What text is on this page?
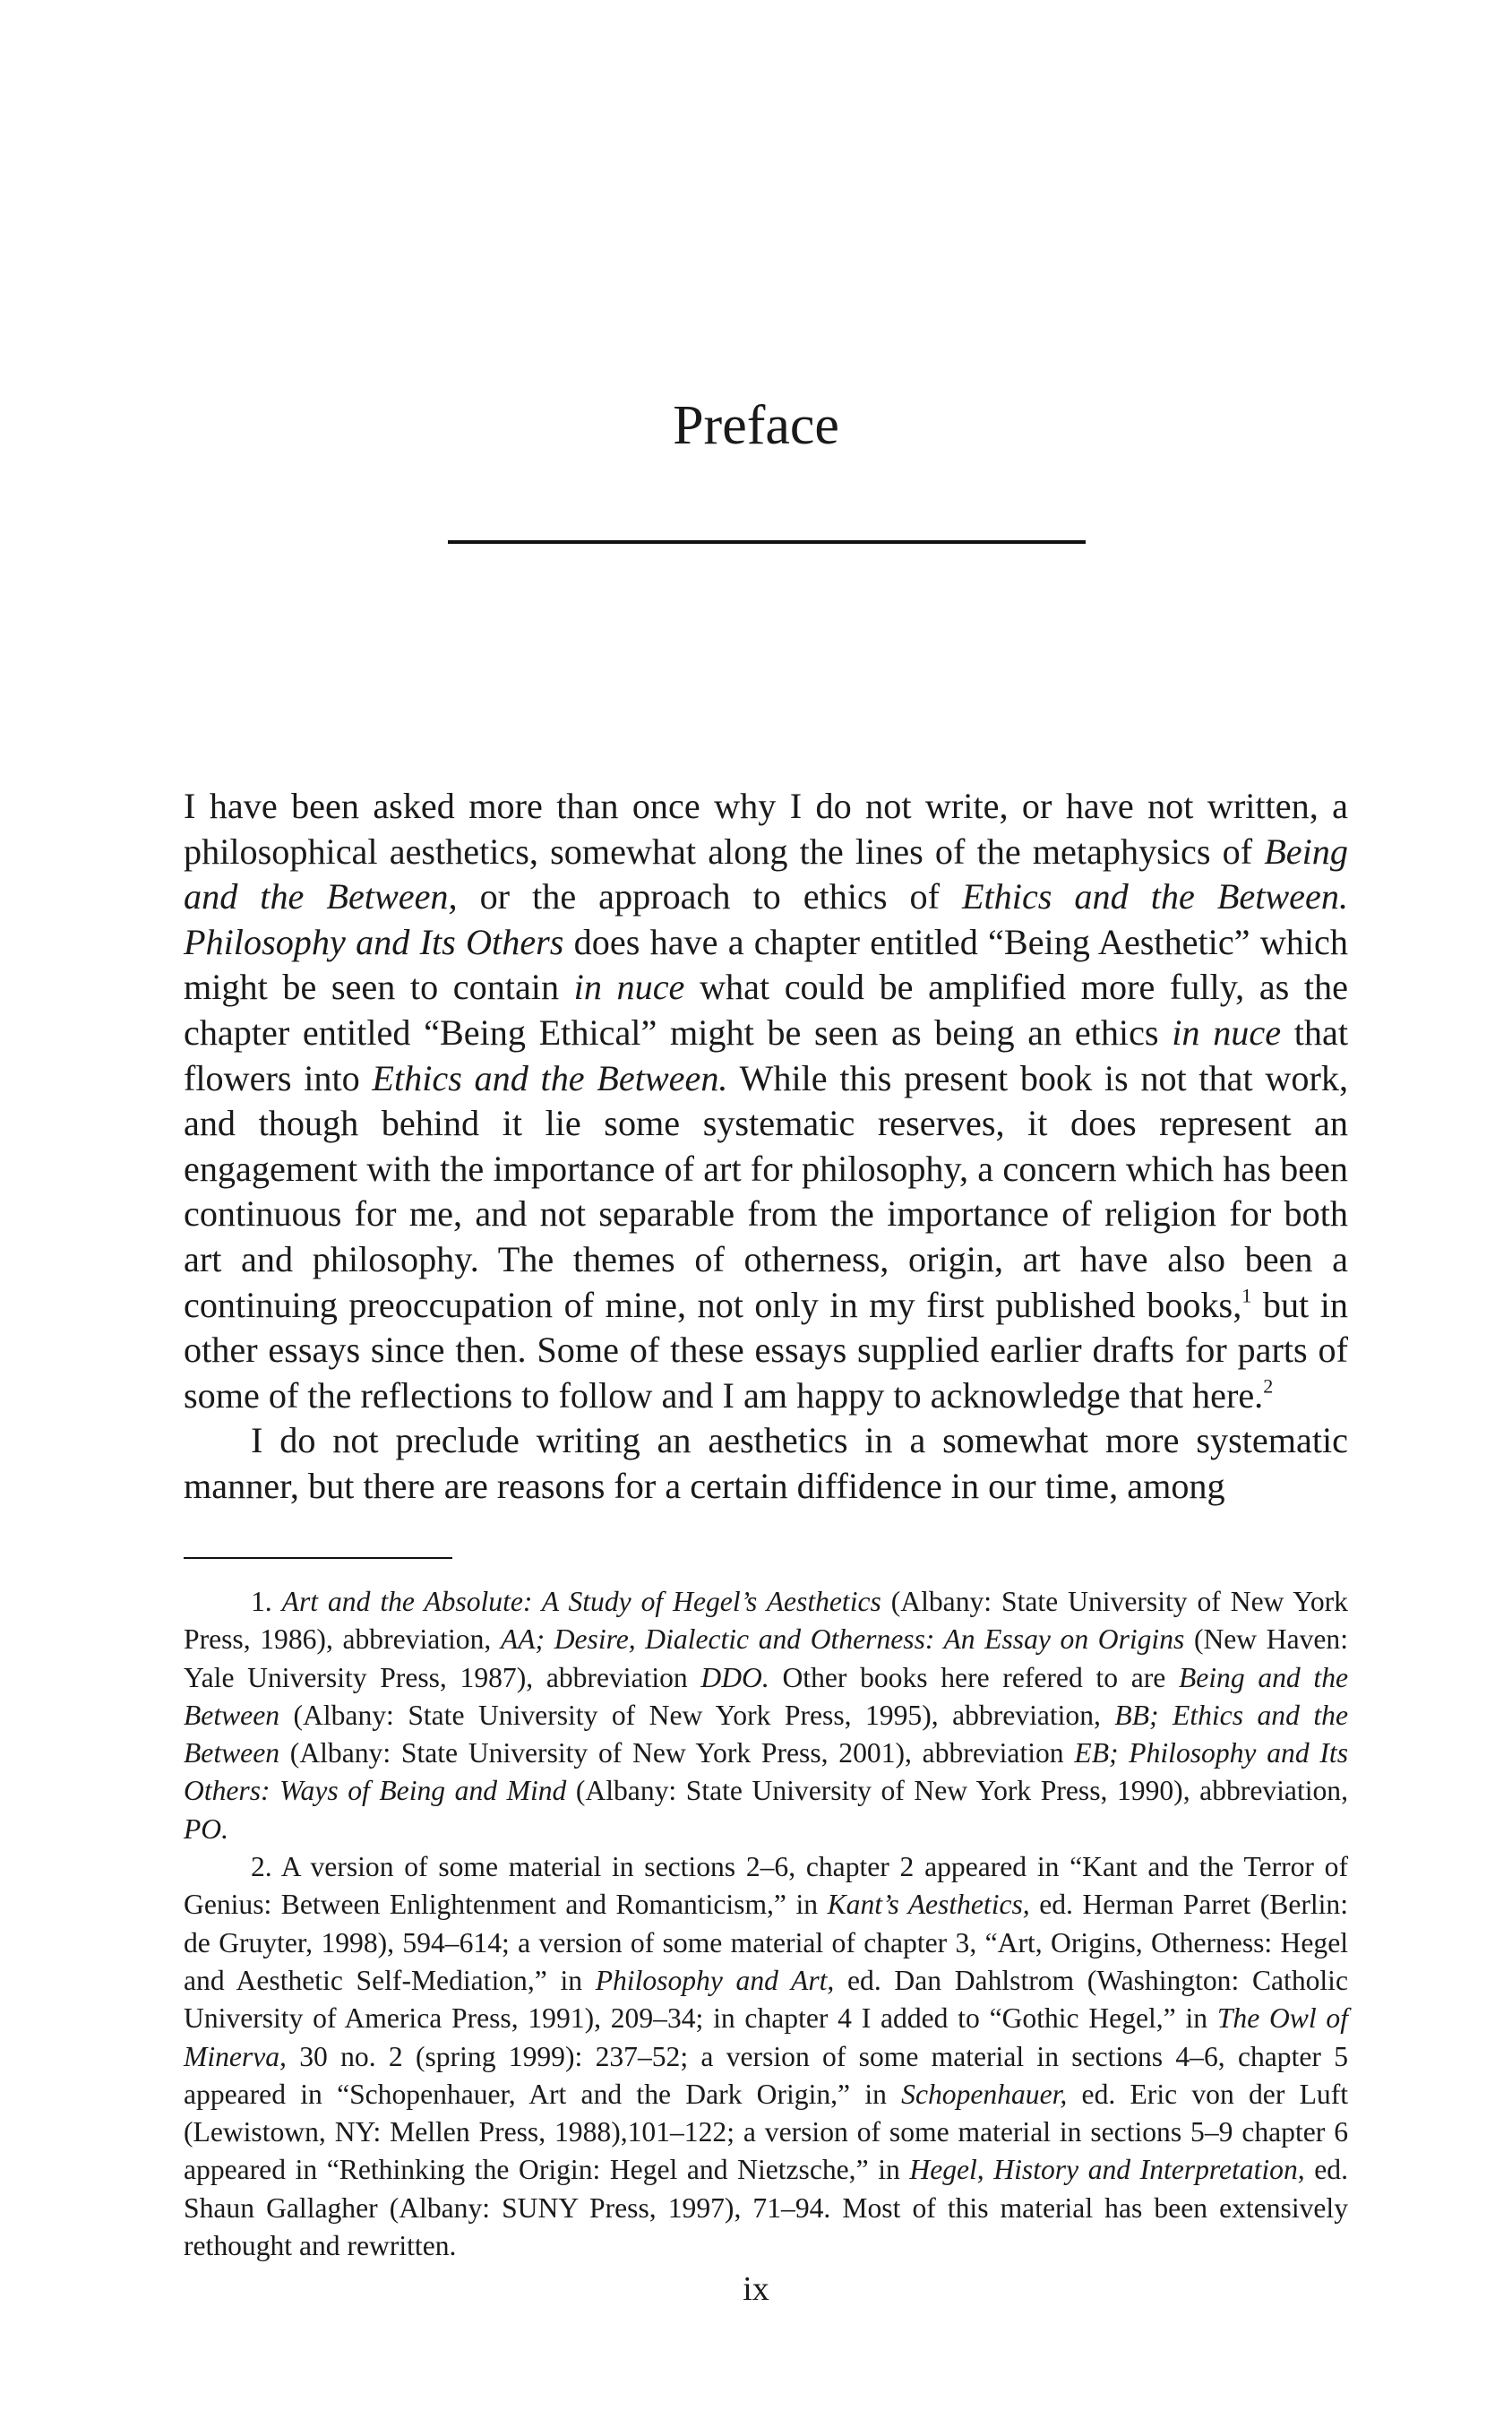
Preface

I have been asked more than once why I do not write, or have not written, a philosophical aesthetics, somewhat along the lines of the metaphysics of Being and the Between, or the approach to ethics of Ethics and the Between. Philosophy and Its Others does have a chapter entitled “Being Aesthetic” which might be seen to contain in nuce what could be amplified more fully, as the chapter entitled “Being Ethical” might be seen as being an ethics in nuce that flowers into Ethics and the Between. While this present book is not that work, and though behind it lie some systematic reserves, it does represent an engagement with the importance of art for philosophy, a concern which has been continuous for me, and not separable from the importance of religion for both art and philosophy. The themes of otherness, origin, art have also been a continuing preoccupation of mine, not only in my first published books,$^1$ but in other essays since then. Some of these essays supplied earlier drafts for parts of some of the reflections to follow and I am happy to acknowledge that here.$^2$

I do not preclude writing an aesthetics in a somewhat more systematic manner, but there are reasons for a certain diffidence in our time, among

1. Art and the Absolute: A Study of Hegel’s Aesthetics (Albany: State University of New York Press, 1986), abbreviation, AA; Desire, Dialectic and Otherness: An Essay on Origins (New Haven: Yale University Press, 1987), abbreviation DDO. Other books here refered to are Being and the Between (Albany: State University of New York Press, 1995), abbreviation, BB; Ethics and the Between (Albany: State University of New York Press, 2001), abbreviation EB; Philosophy and Its Others: Ways of Being and Mind (Albany: State University of New York Press, 1990), abbreviation, PO.

2. A version of some material in sections 2–6, chapter 2 appeared in “Kant and the Terror of Genius: Between Enlightenment and Romanticism,” in Kant’s Aesthetics, ed. Herman Parret (Berlin: de Gruyter, 1998), 594–614; a version of some material of chapter 3, “Art, Origins, Otherness: Hegel and Aesthetic Self-Mediation,” in Philosophy and Art, ed. Dan Dahlstrom (Washington: Catholic University of America Press, 1991), 209–34; in chapter 4 I added to “Gothic Hegel,” in The Owl of Minerva, 30 no. 2 (spring 1999): 237–52; a version of some material in sections 4–6, chapter 5 appeared in “Schopenhauer, Art and the Dark Origin,” in Schopenhauer, ed. Eric von der Luft (Lewistown, NY: Mellen Press, 1988),101–122; a version of some material in sections 5–9 chapter 6 appeared in “Rethinking the Origin: Hegel and Nietzsche,” in Hegel, History and Interpretation, ed. Shaun Gallagher (Albany: SUNY Press, 1997), 71–94. Most of this material has been extensively rethought and rewritten.

ix
